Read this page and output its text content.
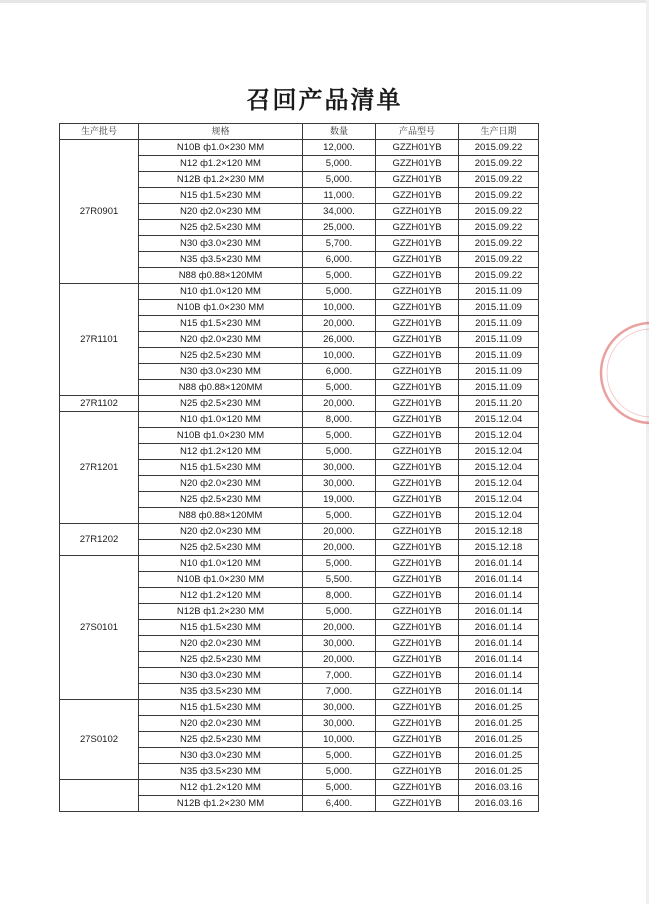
召回产品清单
生产批号	规格	数量	产品型号	生产日期
27R0901	N10B ф1.0×230 MM	12,000.	GZZH01YB	2015.09.22
	N12 ф1.2×120 MM	5,000.	GZZH01YB	2015.09.22
	N12B ф1.2×230 MM	5,000.	GZZH01YB	2015.09.22
	N15 ф1.5×230 MM	11,000.	GZZH01YB	2015.09.22
	N20 ф2.0×230 MM	34,000.	GZZH01YB	2015.09.22
	N25 ф2.5×230 MM	25,000.	GZZH01YB	2015.09.22
	N30 ф3.0×230 MM	5,700.	GZZH01YB	2015.09.22
	N35 ф3.5×230 MM	6,000.	GZZH01YB	2015.09.22
	N88 ф0.88×120MM	5,000.	GZZH01YB	2015.09.22
27R1101	N10 ф1.0×120 MM	5,000.	GZZH01YB	2015.11.09
	N10B ф1.0×230 MM	10,000.	GZZH01YB	2015.11.09
	N15 ф1.5×230 MM	20,000.	GZZH01YB	2015.11.09
	N20 ф2.0×230 MM	26,000.	GZZH01YB	2015.11.09
	N25 ф2.5×230 MM	10,000.	GZZH01YB	2015.11.09
	N30 ф3.0×230 MM	6,000.	GZZH01YB	2015.11.09
	N88 ф0.88×120MM	5,000.	GZZH01YB	2015.11.09
27R1102	N25 ф2.5×230 MM	20,000.	GZZH01YB	2015.11.20
27R1201	N10 ф1.0×120 MM	8,000.	GZZH01YB	2015.12.04
	N10B ф1.0×230 MM	5,000.	GZZH01YB	2015.12.04
	N12 ф1.2×120 MM	5,000.	GZZH01YB	2015.12.04
	N15 ф1.5×230 MM	30,000.	GZZH01YB	2015.12.04
	N20 ф2.0×230 MM	30,000.	GZZH01YB	2015.12.04
	N25 ф2.5×230 MM	19,000.	GZZH01YB	2015.12.04
	N88 ф0.88×120MM	5,000.	GZZH01YB	2015.12.04
27R1202	N20 ф2.0×230 MM	20,000.	GZZH01YB	2015.12.18
	N25 ф2.5×230 MM	20,000.	GZZH01YB	2015.12.18
27S0101	N10 ф1.0×120 MM	5,000.	GZZH01YB	2016.01.14
	N10B ф1.0×230 MM	5,500.	GZZH01YB	2016.01.14
	N12 ф1.2×120 MM	8,000.	GZZH01YB	2016.01.14
	N12B ф1.2×230 MM	5,000.	GZZH01YB	2016.01.14
	N15 ф1.5×230 MM	20,000.	GZZH01YB	2016.01.14
	N20 ф2.0×230 MM	30,000.	GZZH01YB	2016.01.14
	N25 ф2.5×230 MM	20,000.	GZZH01YB	2016.01.14
	N30 ф3.0×230 MM	7,000.	GZZH01YB	2016.01.14
	N35 ф3.5×230 MM	7,000.	GZZH01YB	2016.01.14
27S0102	N15 ф1.5×230 MM	30,000.	GZZH01YB	2016.01.25
	N20 ф2.0×230 MM	30,000.	GZZH01YB	2016.01.25
	N25 ф2.5×230 MM	10,000.	GZZH01YB	2016.01.25
	N30 ф3.0×230 MM	5,000.	GZZH01YB	2016.01.25
	N35 ф3.5×230 MM	5,000.	GZZH01YB	2016.01.25
	N12 ф1.2×120 MM	5,000.	GZZH01YB	2016.03.16
	N12B ф1.2×230 MM	6,400.	GZZH01YB	2016.03.16
